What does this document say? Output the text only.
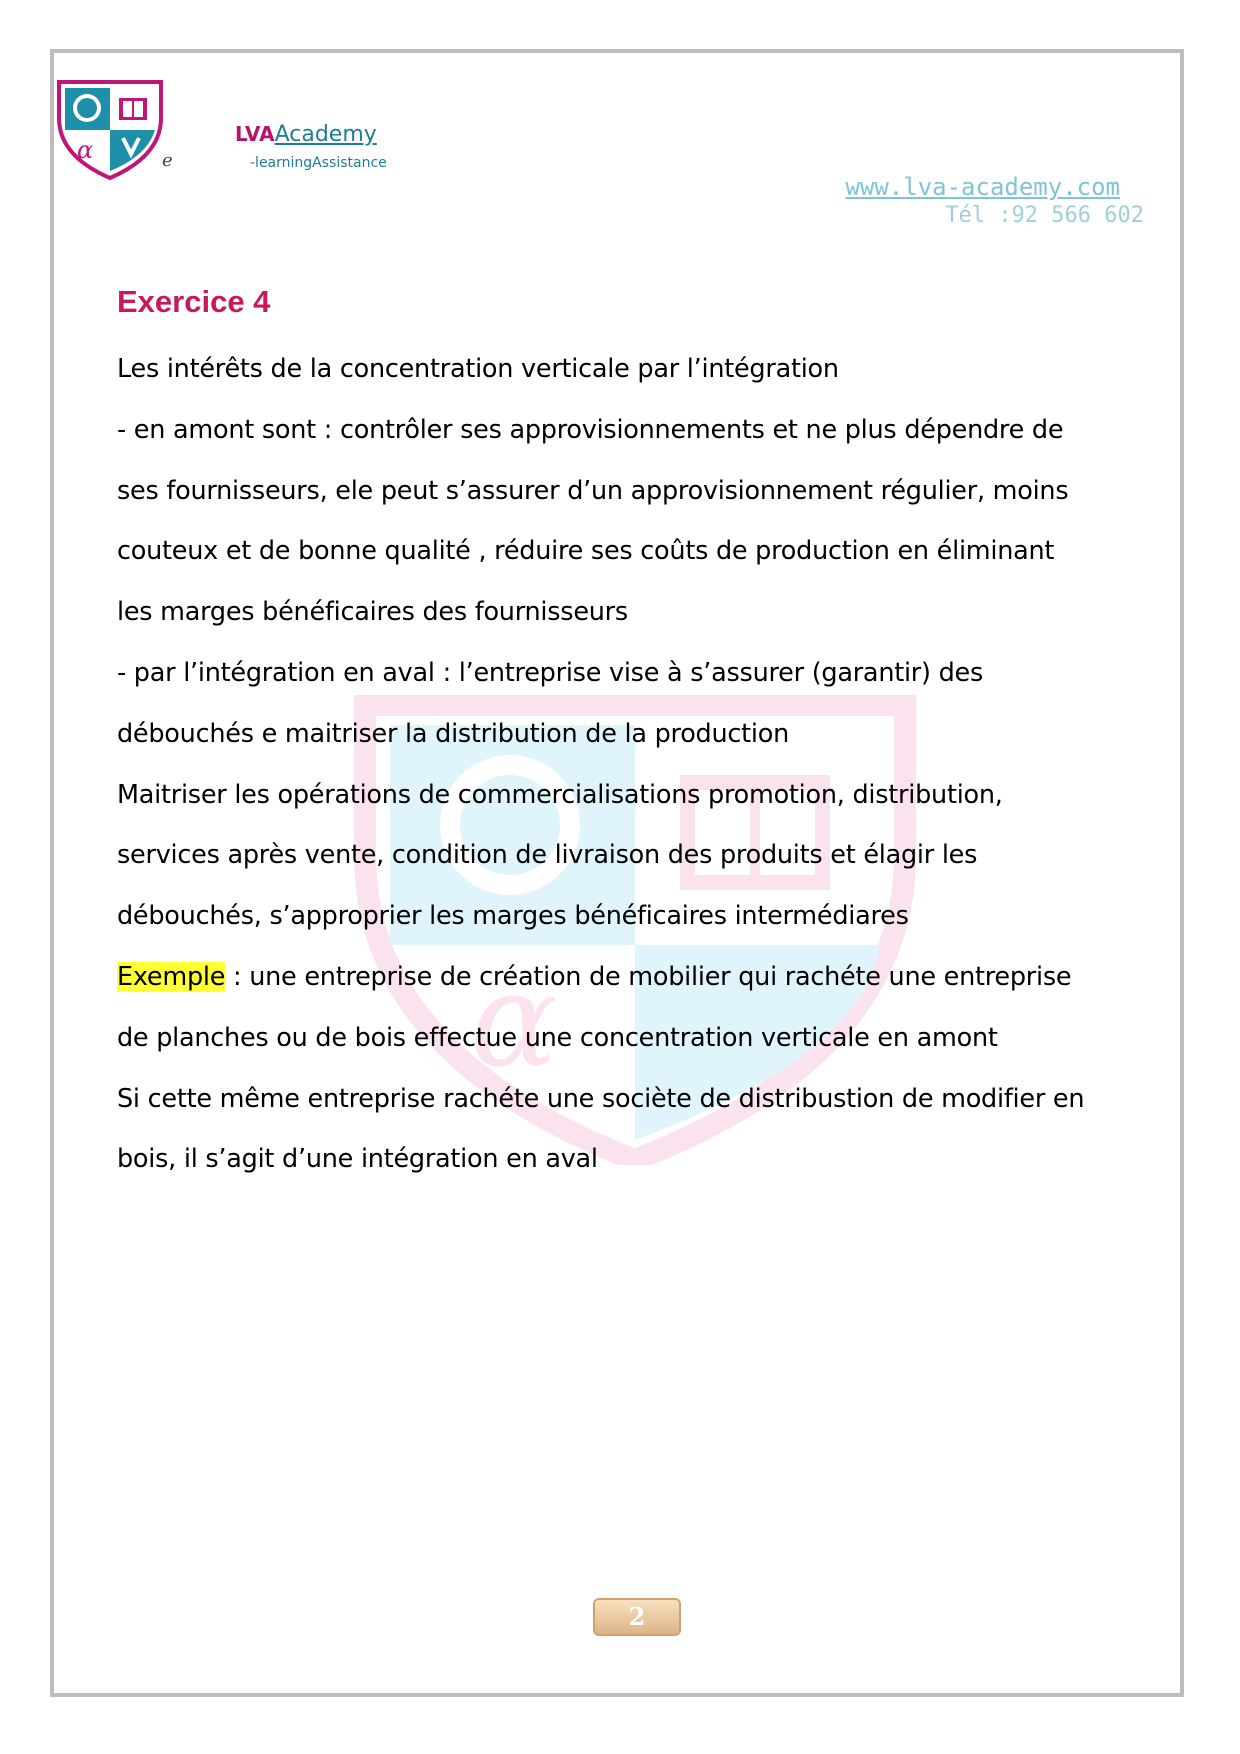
α	e
LVAAcademy
-learningAssistance
www.lva-academy.com
Tél :92 566 602
α
Exercice 4

Les intérêts de la concentration verticale par l’intégration

- en amont sont : contrôler ses approvisionnements et ne plus dépendre de

ses fournisseurs, ele peut s’assurer d’un approvisionnement régulier, moins

couteux et de bonne qualité , réduire ses coûts de production en éliminant

les marges bénéficaires des fournisseurs

- par l’intégration en aval : l’entreprise vise à s’assurer (garantir) des

débouchés e maitriser la distribution de la production

Maitriser les opérations de commercialisations promotion, distribution,

services après vente, condition de livraison des produits et élagir les

débouchés, s’approprier les marges bénéficaires intermédiares

Exemple : une entreprise de création de mobilier qui rachéte une entreprise

de planches ou de bois effectue une concentration verticale en amont

Si cette même entreprise rachéte une sociète de distribustion de modifier en

bois, il s’agit d’une intégration en aval

2
